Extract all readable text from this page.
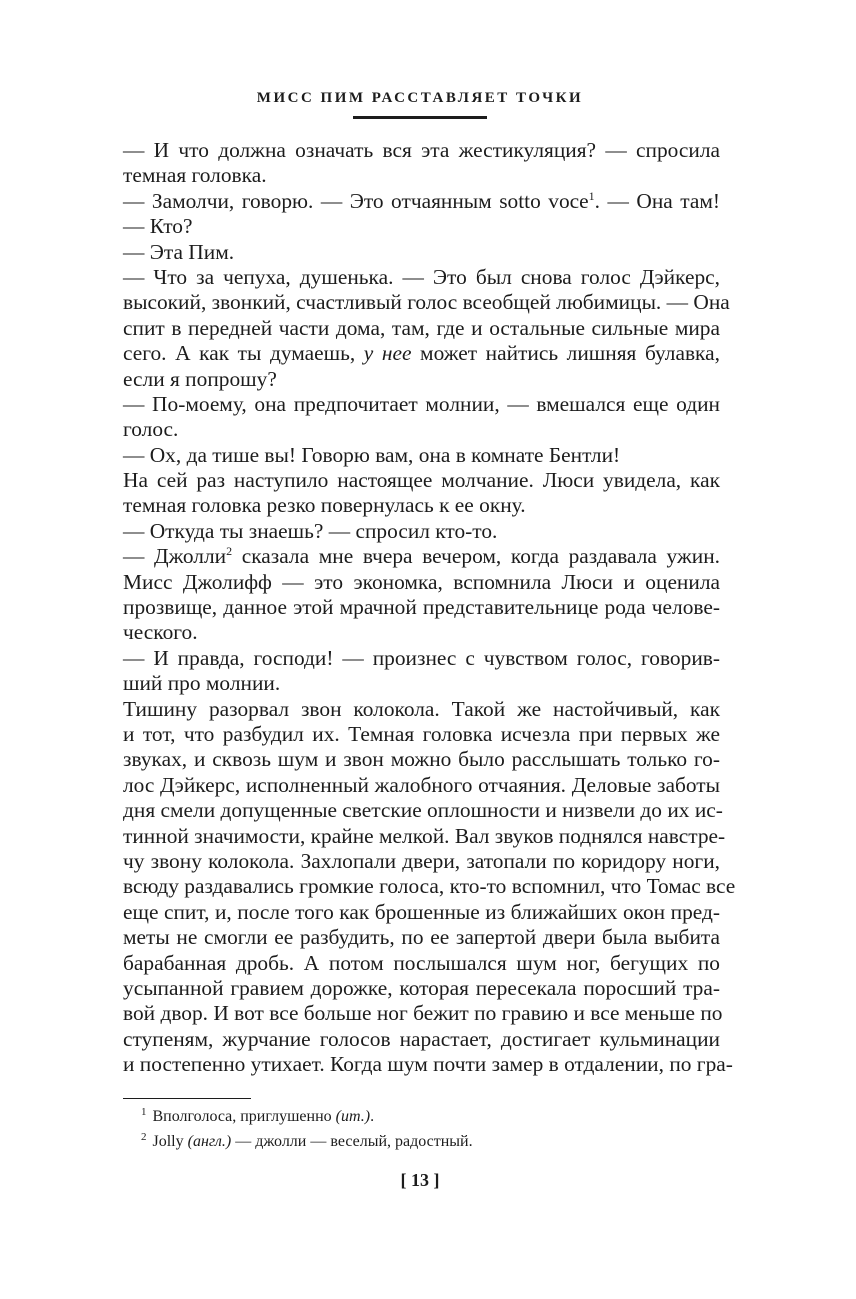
МИСС ПИМ РАССТАВЛЯЕТ ТОЧКИ
— И что должна означать вся эта жестикуляция? — спросила
темная головка.
— Замолчи, говорю. — Это отчаянным sotto voce$^1$. — Она там!
— Кто?
— Эта Пим.
— Что за чепуха, душенька. — Это был снова голос Дэйкерс,
высокий, звонкий, счастливый голос всеобщей любимицы. — Она
спит в передней части дома, там, где и остальные сильные мира
сего. А как ты думаешь, у нее может найтись лишняя булавка,
если я попрошу?
— По-моему, она предпочитает молнии, — вмешался еще один
голос.
— Ох, да тише вы! Говорю вам, она в комнате Бентли!
На сей раз наступило настоящее молчание. Люси увидела, как
темная головка резко повернулась к ее окну.
— Откуда ты знаешь? — спросил кто-то.
— Джолли$^2$ сказала мне вчера вечером, когда раздавала ужин.
Мисс Джолифф — это экономка, вспомнила Люси и оценила
прозвище, данное этой мрачной представительнице рода челове-
ческого.
— И правда, господи! — произнес с чувством голос, говорив-
ший про молнии.
Тишину разорвал звон колокола. Такой же настойчивый, как
и тот, что разбудил их. Темная головка исчезла при первых же
звуках, и сквозь шум и звон можно было расслышать только го-
лос Дэйкерс, исполненный жалобного отчаяния. Деловые заботы
дня смели допущенные светские оплошности и низвели до их ис-
тинной значимости, крайне мелкой. Вал звуков поднялся навстре-
чу звону колокола. Захлопали двери, затопали по коридору ноги,
всюду раздавались громкие голоса, кто-то вспомнил, что Томас все
еще спит, и, после того как брошенные из ближайших окон пред-
меты не смогли ее разбудить, по ее запертой двери была выбита
барабанная дробь. А потом послышался шум ног, бегущих по
усыпанной гравием дорожке, которая пересекала поросший тра-
вой двор. И вот все больше ног бежит по гравию и все меньше по
ступеням, журчание голосов нарастает, достигает кульминации
и постепенно утихает. Когда шум почти замер в отдалении, по гра-
$^1$ Вполголоса, приглушенно (ит.).
$^2$ Jolly (англ.) — джолли — веселый, радостный.
[ 13 ]
